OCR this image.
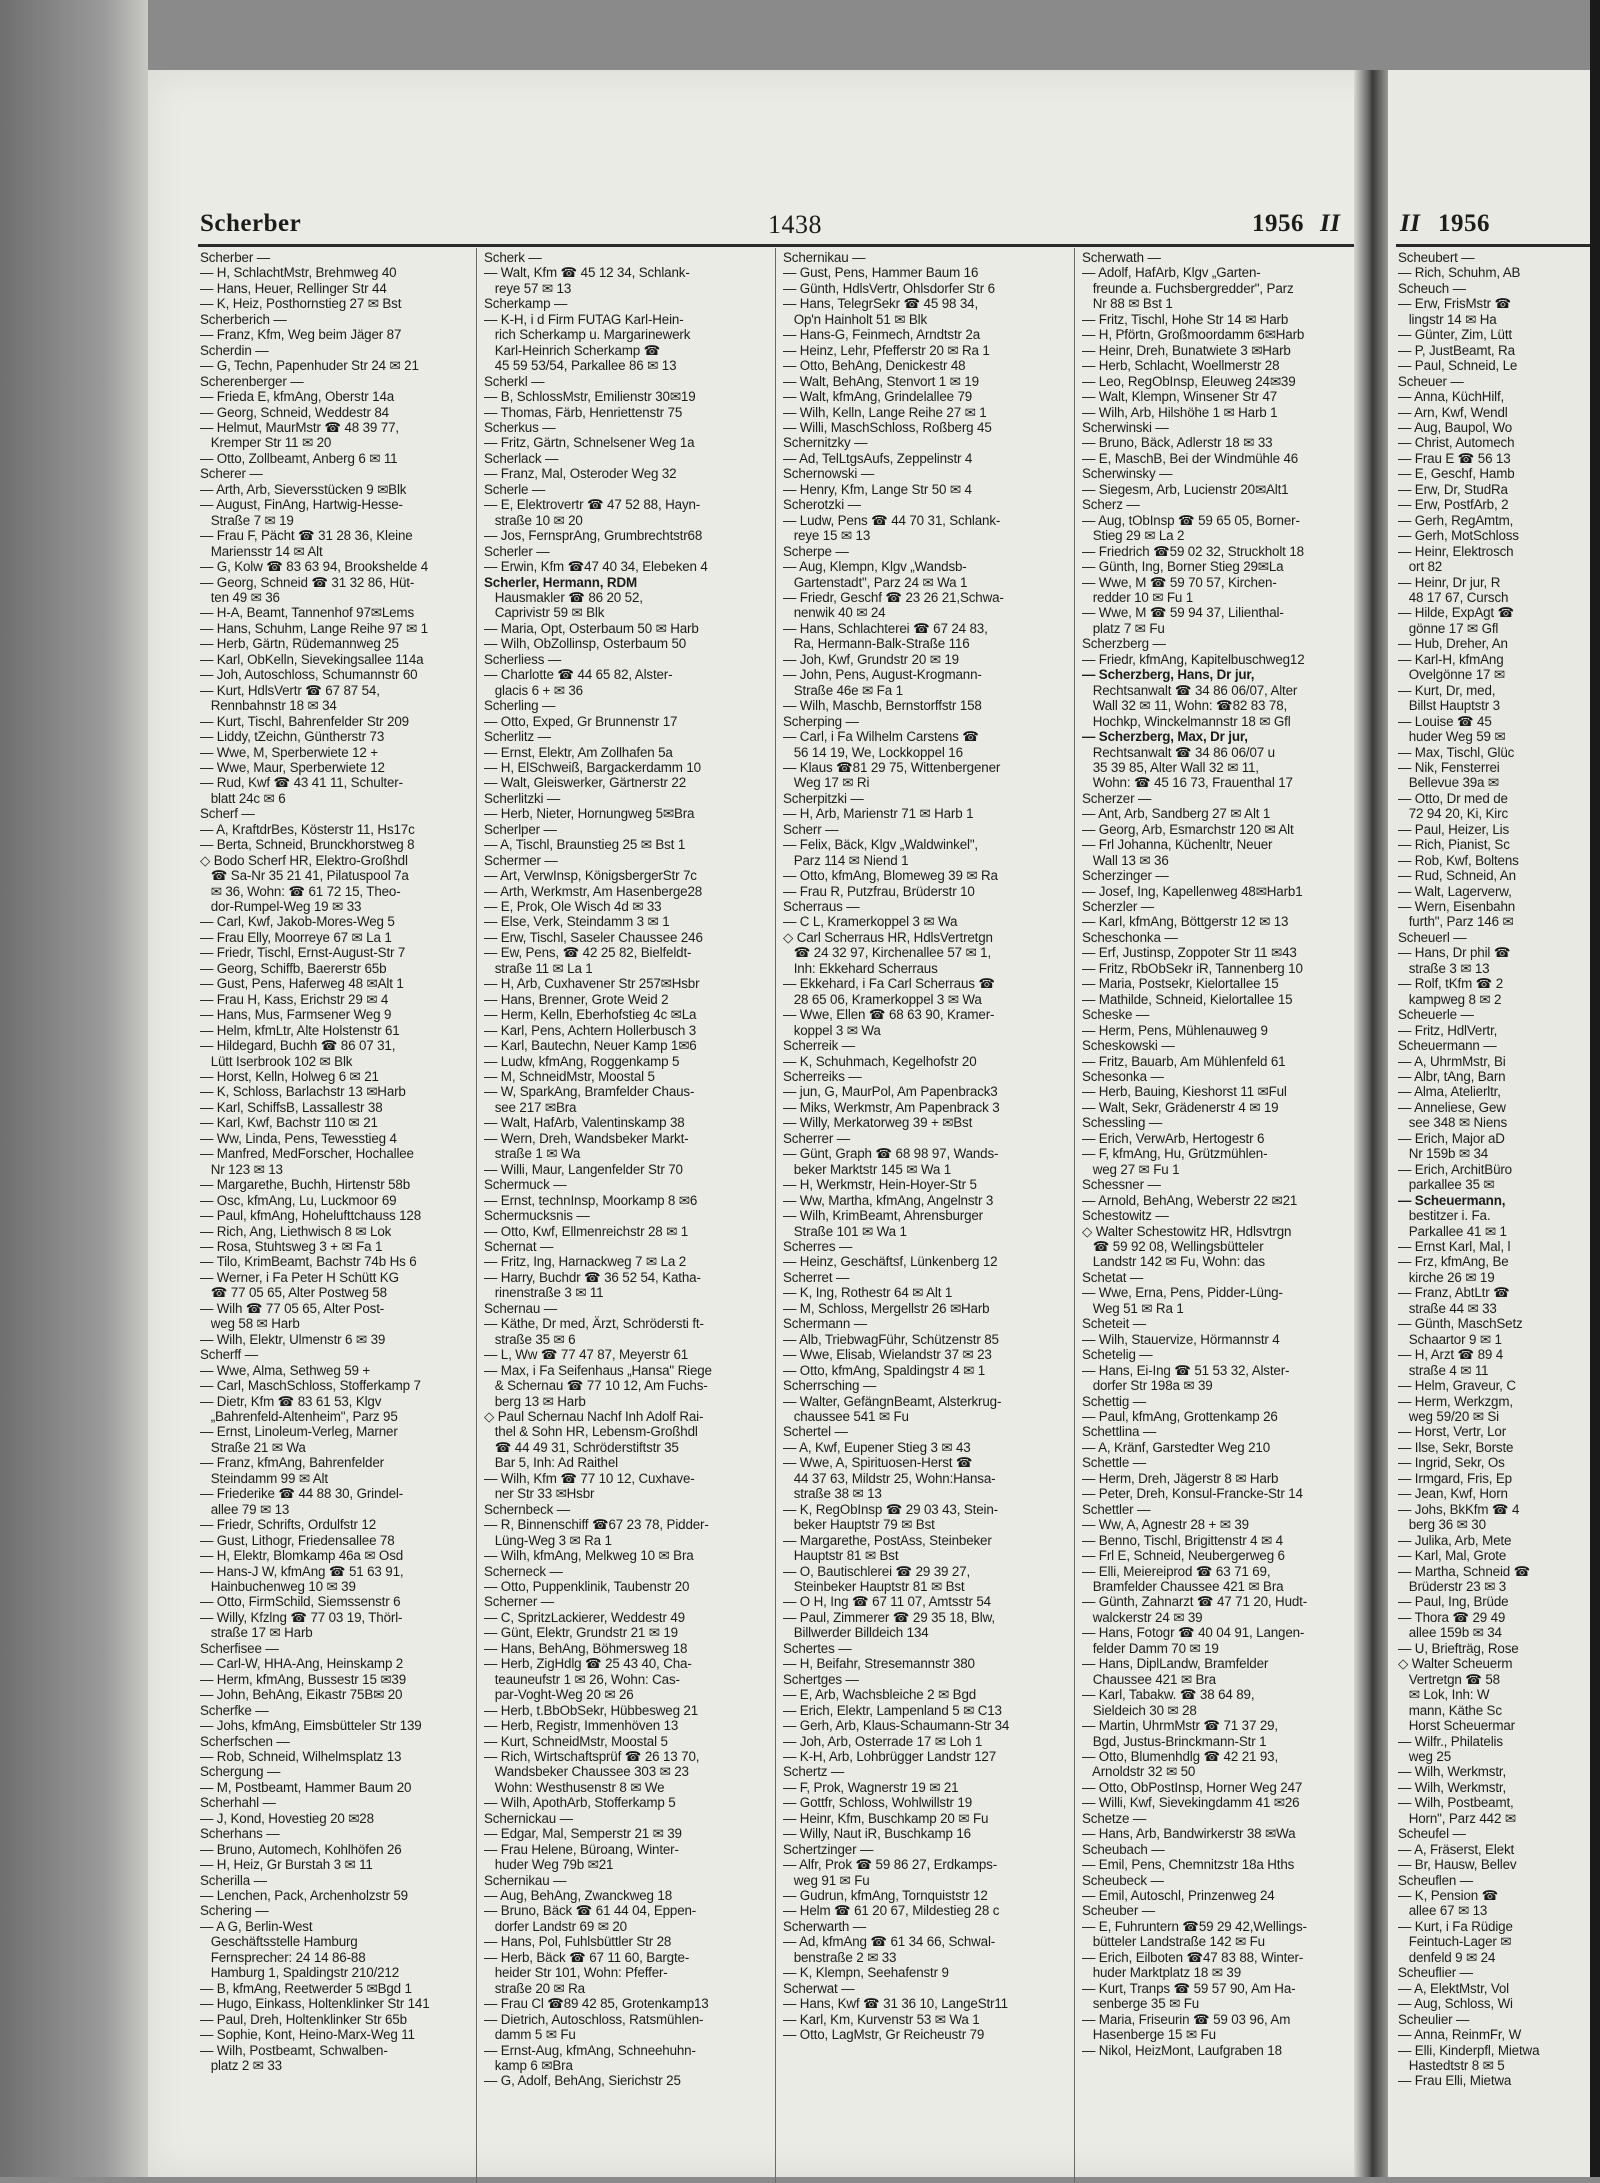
Scherber	1438	1956 II
Scherber —
— H, SchlachtMstr, Brehmweg 40
— Hans, Heuer, Rellinger Str 44
— K, Heiz, Posthornstieg 27 ✉ Bst
Scherberich —
— Franz, Kfm, Weg beim Jäger 87
Scherdin —
— G, Techn, Papenhuder Str 24 ✉ 21
Scherenberger —
— Frieda E, kfmAng, Oberstr 14a
— Georg, Schneid, Weddestr 84
— Helmut, MaurMstr ☎ 48 39 77,
Kremper Str 11 ✉ 20
— Otto, Zollbeamt, Anberg 6 ✉ 11
Scherer —
— Arth, Arb, Sieversstücken 9 ✉Blk
— August, FinAng, Hartwig-Hesse-
Straße 7 ✉ 19
— Frau F, Pächt ☎ 31 28 36, Kleine
Mariensstr 14 ✉ Alt
— G, Kolw ☎ 83 63 94, Brookshelde 4
— Georg, Schneid ☎ 31 32 86, Hüt-
ten 49 ✉ 36
— H-A, Beamt, Tannenhof 97✉Lems
— Hans, Schuhm, Lange Reihe 97 ✉ 1
— Herb, Gärtn, Rüdemannweg 25
— Karl, ObKelln, Sievekingsallee 114a
— Joh, Autoschloss, Schumannstr 60
— Kurt, HdlsVertr ☎ 67 87 54,
Rennbahnstr 18 ✉ 34
— Kurt, Tischl, Bahrenfelder Str 209
— Liddy, tZeichn, Güntherstr 73
— Wwe, M, Sperberwiete 12 +
— Wwe, Maur, Sperberwiete 12
— Rud, Kwf ☎ 43 41 11, Schulter-
blatt 24c ✉ 6
Scherf —
— A, KraftdrBes, Kösterstr 11, Hs17c
— Berta, Schneid, Brunckhorstweg 8
◇ Bodo Scherf HR, Elektro-Großhdl
☎ Sa-Nr 35 21 41, Pilatuspool 7a
✉ 36, Wohn: ☎ 61 72 15, Theo-
dor-Rumpel-Weg 19 ✉ 33
— Carl, Kwf, Jakob-Mores-Weg 5
— Frau Elly, Moorreye 67 ✉ La 1
— Friedr, Tischl, Ernst-August-Str 7
— Georg, Schiffb, Baererstr 65b
— Gust, Pens, Haferweg 48 ✉Alt 1
— Frau H, Kass, Erichstr 29 ✉ 4
— Hans, Mus, Farmsener Weg 9
— Helm, kfmLtr, Alte Holstenstr 61
— Hildegard, Buchh ☎ 86 07 31,
Lütt Iserbrook 102 ✉ Blk
— Horst, Kelln, Holweg 6 ✉ 21
— K, Schloss, Barlachstr 13 ✉Harb
— Karl, SchiffsB, Lassallestr 38
— Karl, Kwf, Bachstr 110 ✉ 21
— Ww, Linda, Pens, Tewesstieg 4
— Manfred, MedForscher, Hochallee
Nr 123 ✉ 13
— Margarethe, Buchh, Hirtenstr 58b
— Osc, kfmAng, Lu, Luckmoor 69
— Paul, kfmAng, Hohelufttchauss 128
— Rich, Ang, Liethwisch 8 ✉ Lok
— Rosa, Stuhtsweg 3 + ✉ Fa 1
— Tilo, KrimBeamt, Bachstr 74b Hs 6
— Werner, i Fa Peter H Schütt KG
☎ 77 05 65, Alter Postweg 58
— Wilh ☎ 77 05 65, Alter Post-
weg 58 ✉ Harb
— Wilh, Elektr, Ulmenstr 6 ✉ 39
Scherff —
— Wwe, Alma, Sethweg 59 +
— Carl, MaschSchloss, Stofferkamp 7
— Dietr, Kfm ☎ 83 61 53, Klgv
„Bahrenfeld-Altenheim", Parz 95
— Ernst, Linoleum-Verleg, Marner
Straße 21 ✉ Wa
— Franz, kfmAng, Bahrenfelder
Steindamm 99 ✉ Alt
— Friederike ☎ 44 88 30, Grindel-
allee 79 ✉ 13
— Friedr, Schrifts, Ordulfstr 12
— Gust, Lithogr, Friedensallee 78
— H, Elektr, Blomkamp 46a ✉ Osd
— Hans-J W, kfmAng ☎ 51 63 91,
Hainbuchenweg 10 ✉ 39
— Otto, FirmSchild, Siemssenstr 6
— Willy, Kfzlng ☎ 77 03 19, Thörl-
straße 17 ✉ Harb
Scherfisee —
— Carl-W, HHA-Ang, Heinskamp 2
— Herm, kfmAng, Bussestr 15 ✉39
— John, BehAng, Eikastr 75B✉ 20
Scherfke —
— Johs, kfmAng, Eimsbütteler Str 139
Scherfschen —
— Rob, Schneid, Wilhelmsplatz 13
Schergung —
— M, Postbeamt, Hammer Baum 20
Scherhahl —
— J, Kond, Hovestieg 20 ✉28
Scherhans —
— Bruno, Automech, Kohlhöfen 26
— H, Heiz, Gr Burstah 3 ✉ 11
Scherilla —
— Lenchen, Pack, Archenholzstr 59
Schering —
— A G, Berlin-West
Geschäftsstelle Hamburg
Fernsprecher: 24 14 86-88
Hamburg 1, Spaldingstr 210/212
— B, kfmAng, Reetwerder 5 ✉Bgd 1
— Hugo, Einkass, Holtenklinker Str 141
— Paul, Dreh, Holtenklinker Str 65b
— Sophie, Kont, Heino-Marx-Weg 11
— Wilh, Postbeamt, Schwalben-
platz 2 ✉ 33
Scherk —
— Walt, Kfm ☎ 45 12 34, Schlank-
reye 57 ✉ 13
Scherkamp —
— K-H, i d Firm FUTAG Karl-Hein-
rich Scherkamp u. Margarinewerk
Karl-Heinrich Scherkamp ☎
45 59 53/54, Parkallee 86 ✉ 13
Scherkl —
— B, SchlossMstr, Emilienstr 30✉19
— Thomas, Färb, Henriettenstr 75
Scherkus —
— Fritz, Gärtn, Schnelsener Weg 1a
Scherlack —
— Franz, Mal, Osteroder Weg 32
Scherle —
— E, Elektrovertr ☎ 47 52 88, Hayn-
straße 10 ✉ 20
— Jos, FernsprAng, Grumbrechtstr68
Scherler —
— Erwin, Kfm ☎47 40 34, Elebeken 4
Scherler, Hermann, RDM
Hausmakler ☎ 86 20 52,
Caprivistr 59 ✉ Blk
— Maria, Opt, Osterbaum 50 ✉ Harb
— Wilh, ObZollinsp, Osterbaum 50
Scherliess —
— Charlotte ☎ 44 65 82, Alster-
glacis 6 + ✉ 36
Scherling —
— Otto, Exped, Gr Brunnenstr 17
Scherlitz —
— Ernst, Elektr, Am Zollhafen 5a
— H, ElSchweiß, Bargackerdamm 10
— Walt, Gleiswerker, Gärtnerstr 22
Scherlitzki —
— Herb, Nieter, Hornungweg 5✉Bra
Scherlper —
— A, Tischl, Braunstieg 25 ✉ Bst 1
Schermer —
— Art, VerwInsp, KönigsbergerStr 7c
— Arth, Werkmstr, Am Hasenberge28
— E, Prok, Ole Wisch 4d ✉ 33
— Else, Verk, Steindamm 3 ✉ 1
— Erw, Tischl, Saseler Chaussee 246
— Ew, Pens, ☎ 42 25 82, Bielfeldt-
straße 11 ✉ La 1
— H, Arb, Cuxhavener Str 257✉Hsbr
— Hans, Brenner, Grote Weid 2
— Herm, Kelln, Eberhofstieg 4c ✉La
— Karl, Pens, Achtern Hollerbusch 3
— Karl, Bautechn, Neuer Kamp 1✉6
— Ludw, kfmAng, Roggenkamp 5
— M, SchneidMstr, Moostal 5
— W, SparkAng, Bramfelder Chaus-
see 217 ✉Bra
— Walt, HafArb, Valentinskamp 38
— Wern, Dreh, Wandsbeker Markt-
straße 1 ✉ Wa
— Willi, Maur, Langenfelder Str 70
Schermuck —
— Ernst, technInsp, Moorkamp 8 ✉6
Schermucksnis —
— Otto, Kwf, Ellmenreichstr 28 ✉ 1
Schernat —
— Fritz, Ing, Harnackweg 7 ✉ La 2
— Harry, Buchdr ☎ 36 52 54, Katha-
rinenstraße 3 ✉ 11
Schernau —
— Käthe, Dr med, Ärzt, Schrödersti ft-
straße 35 ✉ 6
— L, Ww ☎ 77 47 87, Meyerstr 61
— Max, i Fa Seifenhaus „Hansa" Riege
& Schernau ☎ 77 10 12, Am Fuchs-
berg 13 ✉ Harb
◇ Paul Schernau Nachf Inh Adolf Rai-
thel & Sohn HR, Lebensm-Großhdl
☎ 44 49 31, Schröderstiftstr 35
Bar 5, Inh: Ad Raithel
— Wilh, Kfm ☎ 77 10 12, Cuxhave-
ner Str 33 ✉Hsbr
Schernbeck —
— R, Binnenschiff ☎67 23 78, Pidder-
Lüng-Weg 3 ✉ Ra 1
— Wilh, kfmAng, Melkweg 10 ✉ Bra
Scherneck —
— Otto, Puppenklinik, Taubenstr 20
Scherner —
— C, SpritzLackierer, Weddestr 49
— Günt, Elektr, Grundstr 21 ✉ 19
— Hans, BehAng, Böhmersweg 18
— Herb, ZigHdlg ☎ 25 43 40, Cha-
teauneufstr 1 ✉ 26, Wohn: Cas-
par-Voght-Weg 20 ✉ 26
— Herb, t.BbObSekr, Hübbesweg 21
— Herb, Registr, Immenhöven 13
— Kurt, SchneidMstr, Moostal 5
— Rich, Wirtschaftsprüf ☎ 26 13 70,
Wandsbeker Chaussee 303 ✉ 23
Wohn: Westhusenstr 8 ✉ We
— Wilh, ApothArb, Stofferkamp 5
Schernickau —
— Edgar, Mal, Semperstr 21 ✉ 39
— Frau Helene, Büroang, Winter-
huder Weg 79b ✉21
Schernikau —
— Aug, BehAng, Zwanckweg 18
— Bruno, Bäck ☎ 61 44 04, Eppen-
dorfer Landstr 69 ✉ 20
— Hans, Pol, Fuhlsbüttler Str 28
— Herb, Bäck ☎ 67 11 60, Bargte-
heider Str 101, Wohn: Pfeffer-
straße 20 ✉ Ra
— Frau Cl ☎89 42 85, Grotenkamp13
— Dietrich, Autoschloss, Ratsmühlen-
damm 5 ✉ Fu
— Ernst-Aug, kfmAng, Schneehuhn-
kamp 6 ✉Bra
— G, Adolf, BehAng, Sierichstr 25
Schernikau —
— Gust, Pens, Hammer Baum 16
— Günth, HdlsVertr, Ohlsdorfer Str 6
— Hans, TelegrSekr ☎ 45 98 34,
Op'n Hainholt 51 ✉ Blk
— Hans-G, Feinmech, Arndtstr 2a
— Heinz, Lehr, Pfefferstr 20 ✉ Ra 1
— Otto, BehAng, Denickestr 48
— Walt, BehAng, Stenvort 1 ✉ 19
— Walt, kfmAng, Grindelallee 79
— Wilh, Kelln, Lange Reihe 27 ✉ 1
— Willi, MaschSchloss, Roßberg 45
Schernitzky —
— Ad, TelLtgsAufs, Zeppelinstr 4
Schernowski —
— Henry, Kfm, Lange Str 50 ✉ 4
Scherotzki —
— Ludw, Pens ☎ 44 70 31, Schlank-
reye 15 ✉ 13
Scherpe —
— Aug, Klempn, Klgv „Wandsb-
Gartenstadt", Parz 24 ✉ Wa 1
— Friedr, Geschf ☎ 23 26 21,Schwa-
nenwik 40 ✉ 24
— Hans, Schlachterei ☎ 67 24 83,
Ra, Hermann-Balk-Straße 116
— Joh, Kwf, Grundstr 20 ✉ 19
— John, Pens, August-Krogmann-
Straße 46e ✉ Fa 1
— Wilh, Maschb, Bernstorffstr 158
Scherping —
— Carl, i Fa Wilhelm Carstens ☎
56 14 19, We, Lockkoppel 16
— Klaus ☎81 29 75, Wittenbergener
Weg 17 ✉ Ri
Scherpitzki —
— H, Arb, Marienstr 71 ✉ Harb 1
Scherr —
— Felix, Bäck, Klgv „Waldwinkel",
Parz 114 ✉ Niend 1
— Otto, kfmAng, Blomeweg 39 ✉ Ra
— Frau R, Putzfrau, Brüderstr 10
Scherraus —
— C L, Kramerkoppel 3 ✉ Wa
◇ Carl Scherraus HR, HdlsVertretgn
☎ 24 32 97, Kirchenallee 57 ✉ 1,
Inh: Ekkehard Scherraus
— Ekkehard, i Fa Carl Scherraus ☎
28 65 06, Kramerkoppel 3 ✉ Wa
— Wwe, Ellen ☎ 68 63 90, Kramer-
koppel 3 ✉ Wa
Scherreik —
— K, Schuhmach, Kegelhofstr 20
Scherreiks —
— jun, G, MaurPol, Am Papenbrack3
— Miks, Werkmstr, Am Papenbrack 3
— Willy, Merkatorweg 39 + ✉Bst
Scherrer —
— Günt, Graph ☎ 68 98 97, Wands-
beker Marktstr 145 ✉ Wa 1
— H, Werkmstr, Hein-Hoyer-Str 5
— Ww, Martha, kfmAng, Angelnstr 3
— Wilh, KrimBeamt, Ahrensburger
Straße 101 ✉ Wa 1
Scherres —
— Heinz, Geschäftsf, Lünkenberg 12
Scherret —
— K, Ing, Rothestr 64 ✉ Alt 1
— M, Schloss, Mergellstr 26 ✉Harb
Schermann —
— Alb, TriebwagFühr, Schützenstr 85
— Wwe, Elisab, Wielandstr 37 ✉ 23
— Otto, kfmAng, Spaldingstr 4 ✉ 1
Scherrsching —
— Walter, GefängnBeamt, Alsterkrug-
chaussee 541 ✉ Fu
Schertel —
— A, Kwf, Eupener Stieg 3 ✉ 43
— Wwe, A, Spirituosen-Herst ☎
44 37 63, Mildstr 25, Wohn:Hansa-
straße 38 ✉ 13
— K, RegObInsp ☎ 29 03 43, Stein-
beker Hauptstr 79 ✉ Bst
— Margarethe, PostAss, Steinbeker
Hauptstr 81 ✉ Bst
— O, Bautischlerei ☎ 29 39 27,
Steinbeker Hauptstr 81 ✉ Bst
— O H, Ing ☎ 67 11 07, Amtsstr 54
— Paul, Zimmerer ☎ 29 35 18, Blw,
Billwerder Billdeich 134
Schertes —
— H, Beifahr, Stresemannstr 380
Schertges —
— E, Arb, Wachsbleiche 2 ✉ Bgd
— Erich, Elektr, Lampenland 5 ✉ C13
— Gerh, Arb, Klaus-Schaumann-Str 34
— Joh, Arb, Osterrade 17 ✉ Loh 1
— K-H, Arb, Lohbrügger Landstr 127
Schertz —
— F, Prok, Wagnerstr 19 ✉ 21
— Gottfr, Schloss, Wohlwillstr 19
— Heinr, Kfm, Buschkamp 20 ✉ Fu
— Willy, Naut iR, Buschkamp 16
Schertzinger —
— Alfr, Prok ☎ 59 86 27, Erdkamps-
weg 91 ✉ Fu
— Gudrun, kfmAng, Tornquiststr 12
— Helm ☎ 61 20 67, Mildestieg 28 c
Scherwarth —
— Ad, kfmAng ☎ 61 34 66, Schwal-
benstraße 2 ✉ 33
— K, Klempn, Seehafenstr 9
Scherwat —
— Hans, Kwf ☎ 31 36 10, LangeStr11
— Karl, Km, Kurvenstr 53 ✉ Wa 1
— Otto, LagMstr, Gr Reicheustr 79
Scherwath —
— Adolf, HafArb, Klgv „Garten-
freunde a. Fuchsbergredder", Parz
Nr 88 ✉ Bst 1
— Fritz, Tischl, Hohe Str 14 ✉ Harb
— H, Pförtn, Großmoordamm 6✉Harb
— Heinr, Dreh, Bunatwiete 3 ✉Harb
— Herb, Schlacht, Woellmerstr 28
— Leo, RegObInsp, Eleuweg 24✉39
— Walt, Klempn, Winsener Str 47
— Wilh, Arb, Hilshöhe 1 ✉ Harb 1
Scherwinski —
— Bruno, Bäck, Adlerstr 18 ✉ 33
— E, MaschB, Bei der Windmühle 46
Scherwinsky —
— Siegesm, Arb, Lucienstr 20✉Alt1
Scherz —
— Aug, tObInsp ☎ 59 65 05, Borner-
Stieg 29 ✉ La 2
— Friedrich ☎59 02 32, Struckholt 18
— Günth, Ing, Borner Stieg 29✉La
— Wwe, M ☎ 59 70 57, Kirchen-
redder 10 ✉ Fu 1
— Wwe, M ☎ 59 94 37, Lilienthal-
platz 7 ✉ Fu
Scherzberg —
— Friedr, kfmAng, Kapitelbuschweg12
— Scherzberg, Hans, Dr jur,
Rechtsanwalt ☎ 34 86 06/07, Alter
Wall 32 ✉ 11, Wohn: ☎82 83 78,
Hochkp, Winckelmannstr 18 ✉ Gfl
— Scherzberg, Max, Dr jur,
Rechtsanwalt ☎ 34 86 06/07 u
35 39 85, Alter Wall 32 ✉ 11,
Wohn: ☎ 45 16 73, Frauenthal 17
Scherzer —
— Ant, Arb, Sandberg 27 ✉ Alt 1
— Georg, Arb, Esmarchstr 120 ✉ Alt
— Frl Johanna, Küchenltr, Neuer
Wall 13 ✉ 36
Scherzinger —
— Josef, Ing, Kapellenweg 48✉Harb1
Scherzler —
— Karl, kfmAng, Böttgerstr 12 ✉ 13
Scheschonka —
— Erf, Justinsp, Zoppoter Str 11 ✉43
— Fritz, RbObSekr iR, Tannenberg 10
— Maria, Postsekr, Kielortallee 15
— Mathilde, Schneid, Kielortallee 15
Scheske —
— Herm, Pens, Mühlenauweg 9
Scheskowski —
— Fritz, Bauarb, Am Mühlenfeld 61
Schesonka —
— Herb, Bauing, Kieshorst 11 ✉Ful
— Walt, Sekr, Grädenerstr 4 ✉ 19
Schessling —
— Erich, VerwArb, Hertogestr 6
— F, kfmAng, Hu, Grützmühlen-
weg 27 ✉ Fu 1
Schessner —
— Arnold, BehAng, Weberstr 22 ✉21
Schestowitz —
◇ Walter Schestowitz HR, Hdlsvtrgn
☎ 59 92 08, Wellingsbütteler
Landstr 142 ✉ Fu, Wohn: das
Schetat —
— Wwe, Erna, Pens, Pidder-Lüng-
Weg 51 ✉ Ra 1
Scheteit —
— Wilh, Stauervize, Hörmannstr 4
Schetelig —
— Hans, Ei-Ing ☎ 51 53 32, Alster-
dorfer Str 198a ✉ 39
Schettig —
— Paul, kfmAng, Grottenkamp 26
Schettlina —
— A, Kränf, Garstedter Weg 210
Schettle —
— Herm, Dreh, Jägerstr 8 ✉ Harb
— Peter, Dreh, Konsul-Francke-Str 14
Schettler —
— Ww, A, Agnestr 28 + ✉ 39
— Benno, Tischl, Brigittenstr 4 ✉ 4
— Frl E, Schneid, Neubergerweg 6
— Elli, Meiereiprod ☎ 63 71 69,
Bramfelder Chaussee 421 ✉ Bra
— Günth, Zahnarzt ☎ 47 71 20, Hudt-
walckerstr 24 ✉ 39
— Hans, Fotogr ☎ 40 04 91, Langen-
felder Damm 70 ✉ 19
— Hans, DiplLandw, Bramfelder
Chaussee 421 ✉ Bra
— Karl, Tabakw. ☎ 38 64 89,
Sieldeich 30 ✉ 28
— Martin, UhrmMstr ☎ 71 37 29,
Bgd, Justus-Brinckmann-Str 1
— Otto, Blumenhdlg ☎ 42 21 93,
Arnoldstr 32 ✉ 50
— Otto, ObPostInsp, Horner Weg 247
— Willi, Kwf, Sievekingdamm 41 ✉26
Schetze —
— Hans, Arb, Bandwirkerstr 38 ✉Wa
Scheubach —
— Emil, Pens, Chemnitzstr 18a Hths
Scheubeck —
— Emil, Autoschl, Prinzenweg 24
Scheuber —
— E, Fuhruntern ☎59 29 42,Wellings-
bütteler Landstraße 142 ✉ Fu
— Erich, Eilboten ☎47 83 88, Winter-
huder Marktplatz 18 ✉ 39
— Kurt, Tranps ☎ 59 57 90, Am Ha-
senberge 35 ✉ Fu
— Maria, Friseurin ☎ 59 03 96, Am
Hasenberge 15 ✉ Fu
— Nikol, HeizMont, Laufgraben 18
II 1956
Scheubert —
— Rich, Schuhm, AB
Scheuch —
— Erw, FrisMstr ☎
lingstr 14 ✉ Ha
— Günter, Zim, Lütt
— P, JustBeamt, Ra
— Paul, Schneid, Le
Scheuer —
— Anna, KüchHilf,
— Arn, Kwf, Wendl
— Aug, Baupol, Wo
— Christ, Automech
— Frau E ☎ 56 13
— E, Geschf, Hamb
— Erw, Dr, StudRa
— Erw, PostfArb, 2
— Gerh, RegAmtm,
— Gerh, MotSchloss
— Heinr, Elektrosch
ort 82
— Heinr, Dr jur, R
48 17 67, Cursch
— Hilde, ExpAgt ☎
gönne 17 ✉ Gfl
— Hub, Dreher, An
— Karl-H, kfmAng
Ovelgönne 17 ✉
— Kurt, Dr, med,
Billst Hauptstr 3
— Louise ☎ 45
huder Weg 59 ✉
— Max, Tischl, Glüc
— Nik, Fensterrei
Bellevue 39a ✉
— Otto, Dr med de
72 94 20, Ki, Kirc
— Paul, Heizer, Lis
— Rich, Pianist, Sc
— Rob, Kwf, Boltens
— Rud, Schneid, An
— Walt, Lagerverw,
— Wern, Eisenbahn
furth", Parz 146 ✉
Scheuerl —
— Hans, Dr phil ☎
straße 3 ✉ 13
— Rolf, tKfm ☎ 2
kampweg 8 ✉ 2
Scheuerle —
— Fritz, HdlVertr,
Scheuermann —
— A, UhrmMstr, Bi
— Albr, tAng, Barn
— Alma, Atelierltr,
— Anneliese, Gew
see 348 ✉ Niens
— Erich, Major aD
Nr 159b ✉ 34
— Erich, ArchitBüro
parkallee 35 ✉
— Scheuermann,
bestitzer i. Fa.
Parkallee 41 ✉ 1
— Ernst Karl, Mal, l
— Frz, kfmAng, Be
kirche 26 ✉ 19
— Franz, AbtLtr ☎
straße 44 ✉ 33
— Günth, MaschSetz
Schaartor 9 ✉ 1
— H, Arzt ☎ 89 4
straße 4 ✉ 11
— Helm, Graveur, C
— Herm, Werkzgm,
weg 59/20 ✉ Si
— Horst, Vertr, Lor
— Ilse, Sekr, Borste
— Ingrid, Sekr, Os
— Irmgard, Fris, Ep
— Jean, Kwf, Horn
— Johs, BkKfm ☎ 4
berg 36 ✉ 30
— Julika, Arb, Mete
— Karl, Mal, Grote
— Martha, Schneid ☎
Brüderstr 23 ✉ 3
— Paul, Ing, Brüde
— Thora ☎ 29 49
allee 159b ✉ 34
— U, Briefträg, Rose
◇ Walter Scheuerm
Vertretgn ☎ 58
✉ Lok, Inh: W
mann, Käthe Sc
Horst Scheuermar
— Wilfr., Philatelis
weg 25
— Wilh, Werkmstr,
— Wilh, Werkmstr,
— Wilh, Postbeamt,
Horn", Parz 442 ✉
Scheufel —
— A, Fräserst, Elekt
— Br, Hausw, Bellev
Scheuflen —
— K, Pension ☎
allee 67 ✉ 13
— Kurt, i Fa Rüdige
Feintuch-Lager ✉
denfeld 9 ✉ 24
Scheuflier —
— A, ElektMstr, Vol
— Aug, Schloss, Wi
Scheulier —
— Anna, ReinmFr, W
— Elli, Kinderpfl, Mietwa
Hastedtstr 8 ✉ 5
— Frau Elli, Mietwa
